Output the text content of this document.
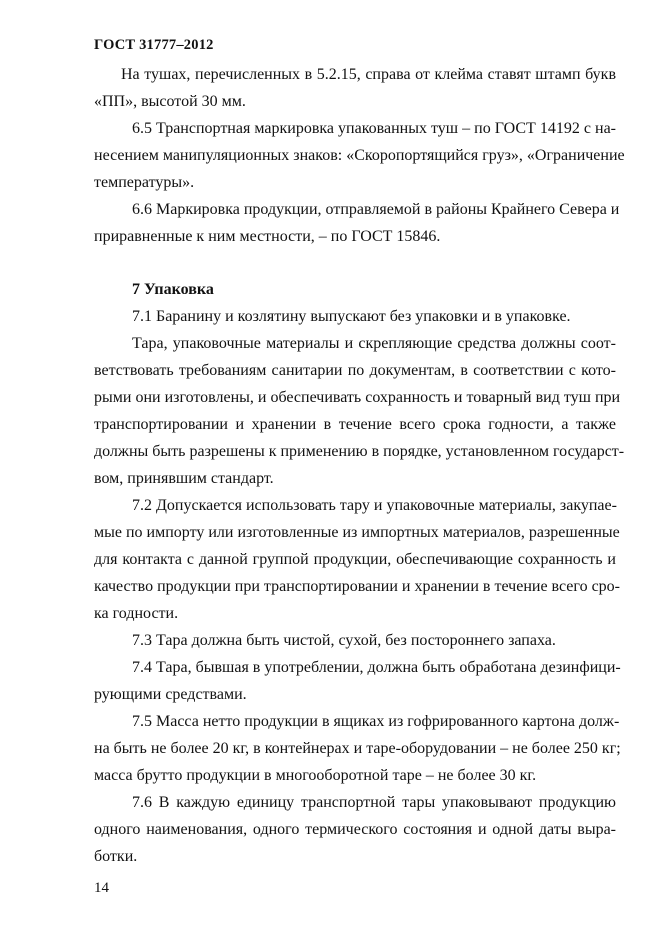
ГОСТ 31777–2012
На тушах, перечисленных в 5.2.15, справа от клейма ставят штамп букв
«ПП», высотой 30 мм.
6.5 Транспортная маркировка упакованных туш – по ГОСТ 14192 с на-
несением манипуляционных знаков: «Скоропортящийся груз», «Ограничение
температуры».
6.6 Маркировка продукции, отправляемой в районы Крайнего Севера и
приравненные к ним местности, – по ГОСТ 15846.
7 Упаковка
7.1 Баранину и козлятину выпускают без упаковки и в упаковке.
Тара, упаковочные материалы и скрепляющие средства должны соот-
ветствовать требованиям санитарии по документам, в соответствии с кото-
рыми они изготовлены, и обеспечивать сохранность и товарный вид туш при
транспортировании и хранении в течение всего срока годности, а также
должны быть разрешены к применению в порядке, установленном государст-
вом, принявшим стандарт.
7.2 Допускается использовать тару и упаковочные материалы, закупае-
мые по импорту или изготовленные из импортных материалов, разрешенные
для контакта с данной группой продукции, обеспечивающие сохранность и
качество продукции при транспортировании и хранении в течение всего сро-
ка годности.
7.3 Тара должна быть чистой, сухой, без постороннего запаха.
7.4 Тара, бывшая в употреблении, должна быть обработана дезинфици-
рующими средствами.
7.5 Масса нетто продукции в ящиках из гофрированного картона долж-
на быть не более 20 кг, в контейнерах и таре-оборудовании – не более 250 кг;
масса брутто продукции в многооборотной таре – не более 30 кг.
7.6 В каждую единицу транспортной тары упаковывают продукцию
одного наименования, одного термического состояния и одной даты выра-
ботки.
14
